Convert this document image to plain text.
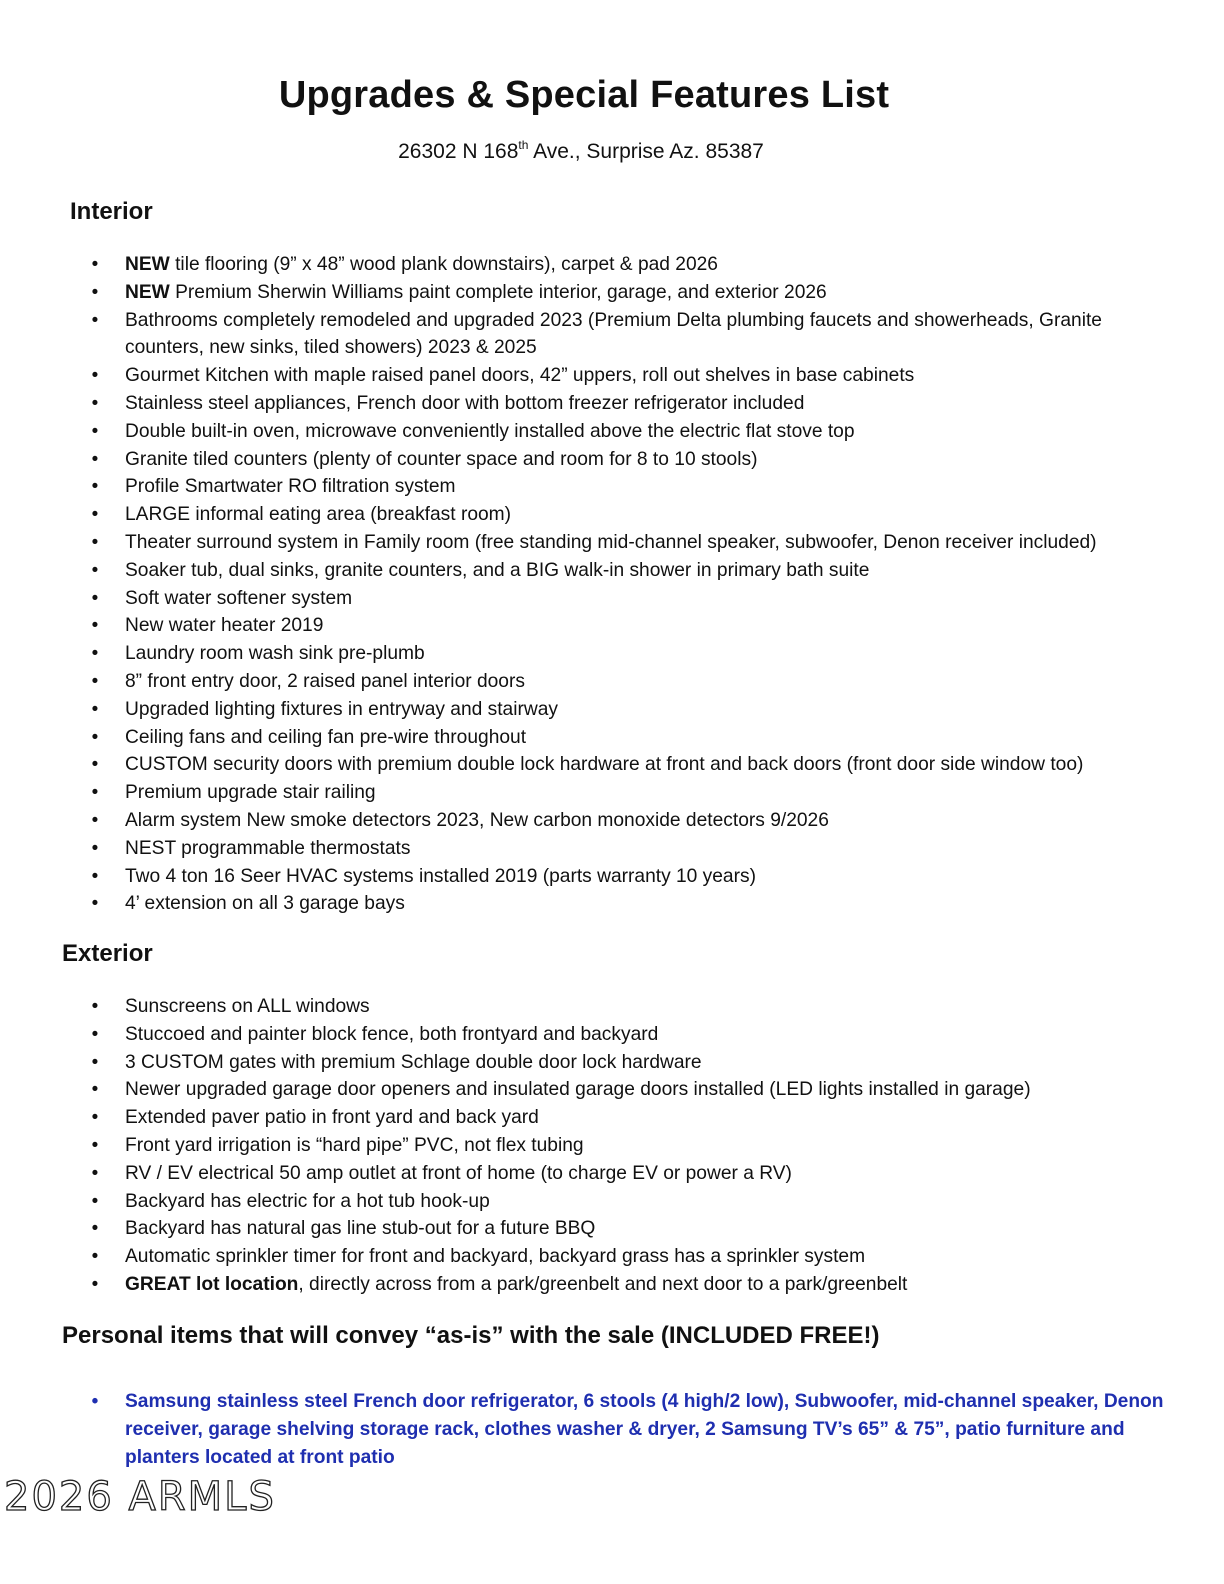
Upgrades & Special Features List
26302 N 168th Ave., Surprise Az. 85387
Interior
• NEW tile flooring (9” x 48” wood plank downstairs), carpet & pad 2026
• NEW Premium Sherwin Williams paint complete interior, garage, and exterior 2026
• Bathrooms completely remodeled and upgraded 2023 (Premium Delta plumbing faucets and showerheads, Granite counters, new sinks, tiled showers) 2023 & 2025
• Gourmet Kitchen with maple raised panel doors, 42” uppers, roll out shelves in base cabinets
• Stainless steel appliances, French door with bottom freezer refrigerator included
• Double built-in oven, microwave conveniently installed above the electric flat stove top
• Granite tiled counters (plenty of counter space and room for 8 to 10 stools)
• Profile Smartwater RO filtration system
• LARGE informal eating area (breakfast room)
• Theater surround system in Family room (free standing mid-channel speaker, subwoofer, Denon receiver included)
• Soaker tub, dual sinks, granite counters, and a BIG walk-in shower in primary bath suite
• Soft water softener system
• New water heater 2019
• Laundry room wash sink pre-plumb
• 8” front entry door, 2 raised panel interior doors
• Upgraded lighting fixtures in entryway and stairway
• Ceiling fans and ceiling fan pre-wire throughout
• CUSTOM security doors with premium double lock hardware at front and back doors (front door side window too)
• Premium upgrade stair railing
• Alarm system New smoke detectors 2023, New carbon monoxide detectors 9/2026
• NEST programmable thermostats
• Two 4 ton 16 Seer HVAC systems installed 2019 (parts warranty 10 years)
• 4’ extension on all 3 garage bays
Exterior
• Sunscreens on ALL windows
• Stuccoed and painter block fence, both frontyard and backyard
• 3 CUSTOM gates with premium Schlage double door lock hardware
• Newer upgraded garage door openers and insulated garage doors installed (LED lights installed in garage)
• Extended paver patio in front yard and back yard
• Front yard irrigation is “hard pipe” PVC, not flex tubing
• RV / EV electrical 50 amp outlet at front of home (to charge EV or power a RV)
• Backyard has electric for a hot tub hook-up
• Backyard has natural gas line stub-out for a future BBQ
• Automatic sprinkler timer for front and backyard, backyard grass has a sprinkler system
• GREAT lot location, directly across from a park/greenbelt and next door to a park/greenbelt
Personal items that will convey “as-is” with the sale (INCLUDED FREE!)
• Samsung stainless steel French door refrigerator, 6 stools (4 high/2 low), Subwoofer, mid-channel speaker, Denon receiver, garage shelving storage rack, clothes washer & dryer, 2 Samsung TV’s 65” & 75”, patio furniture and planters located at front patio
2026 ARMLS
